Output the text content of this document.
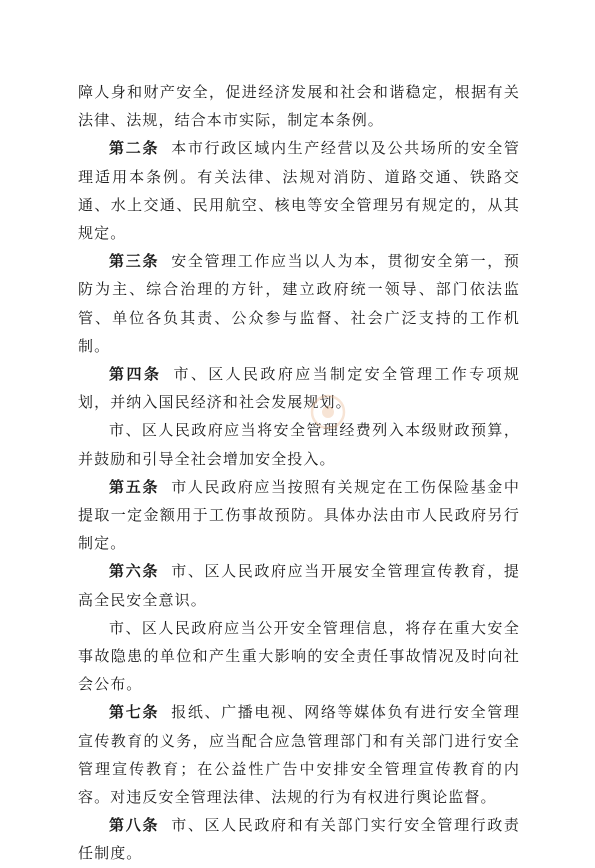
障人身和财产安全，促进经济发展和社会和谐稳定，根据有关法律、法规，结合本市实际，制定本条例。

第二条 本市行政区域内生产经营以及公共场所的安全管理适用本条例。有关法律、法规对消防、道路交通、铁路交通、水上交通、民用航空、核电等安全管理另有规定的，从其规定。

第三条 安全管理工作应当以人为本，贯彻安全第一，预防为主、综合治理的方针，建立政府统一领导、部门依法监管、单位各负其责、公众参与监督、社会广泛支持的工作机制。

第四条 市、区人民政府应当制定安全管理工作专项规划，并纳入国民经济和社会发展规划。

市、区人民政府应当将安全管理经费列入本级财政预算，并鼓励和引导全社会增加安全投入。

第五条 市人民政府应当按照有关规定在工伤保险基金中提取一定金额用于工伤事故预防。具体办法由市人民政府另行制定。

第六条 市、区人民政府应当开展安全管理宣传教育，提高全民安全意识。

市、区人民政府应当公开安全管理信息，将存在重大安全事故隐患的单位和产生重大影响的安全责任事故情况及时向社会公布。

第七条 报纸、广播电视、网络等媒体负有进行安全管理宣传教育的义务，应当配合应急管理部门和有关部门进行安全管理宣传教育；在公益性广告中安排安全管理宣传教育的内容。对违反安全管理法律、法规的行为有权进行舆论监督。

第八条 市、区人民政府和有关部门实行安全管理行政责任制度。
